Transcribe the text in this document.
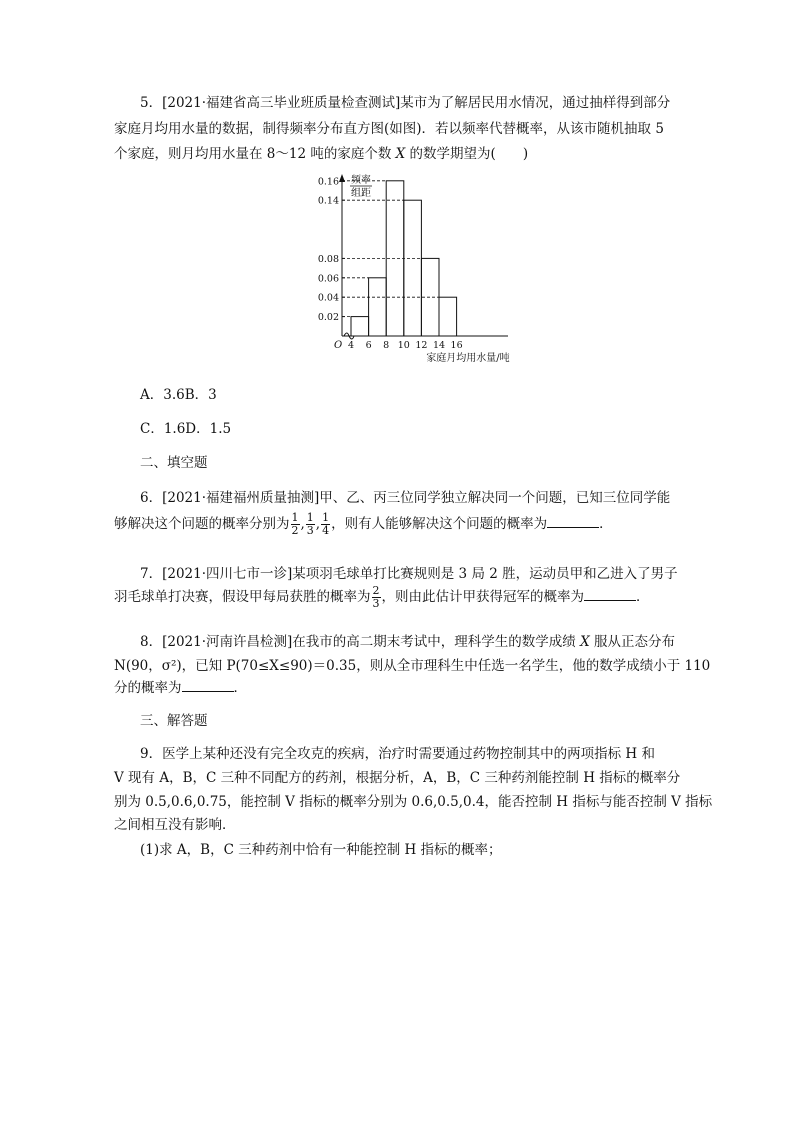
5．[2021·福建省高三毕业班质量检查测试]某市为了解居民用水情况，通过抽样得到部分
家庭月均用水量的数据，制得频率分布直方图(如图)．若以频率代替概率，从该市随机抽取 5
个家庭，则月均用水量在 8～12 吨的家庭个数 X 的数学期望为(　　)
频率
组距
O
0.02
0.04
0.06
0.08
0.14
0.16
4 6 8 10 12 14 16
家庭月均用水量/吨
A．3.6B．3
C．1.6D．1.5
二、填空题
6．[2021·福建福州质量抽测]甲、乙、丙三位同学独立解决同一个问题，已知三位同学能
够解决这个问题的概率分别为 $\frac{1}{2}$ , $\frac{1}{3}$ , $\frac{1}{4}$ ，则有人能够解决这个问题的概率为	．
7．[2021·四川七市一诊]某项羽毛球单打比赛规则是 3 局 2 胜，运动员甲和乙进入了男子
羽毛球单打决赛，假设甲每局获胜的概率为 $\frac{2}{3}$ ，则由此估计甲获得冠军的概率为	．
8．[2021·河南许昌检测]在我市的高二期末考试中，理科学生的数学成绩 X 服从正态分布
N(90，σ²)，已知 P(70≤X≤90)＝0.35，则从全市理科生中任选一名学生，他的数学成绩小于 110
分的概率为	．
三、解答题
9．医学上某种还没有完全攻克的疾病，治疗时需要通过药物控制其中的两项指标 H 和
V 现有 A，B，C 三种不同配方的药剂，根据分析，A，B，C 三种药剂能控制 H 指标的概率分
别为 0.5,0.6,0.75，能控制 V 指标的概率分别为 0.6,0.5,0.4，能否控制 H 指标与能否控制 V 指标
之间相互没有影响．
(1)求 A，B，C 三种药剂中恰有一种能控制 H 指标的概率；
